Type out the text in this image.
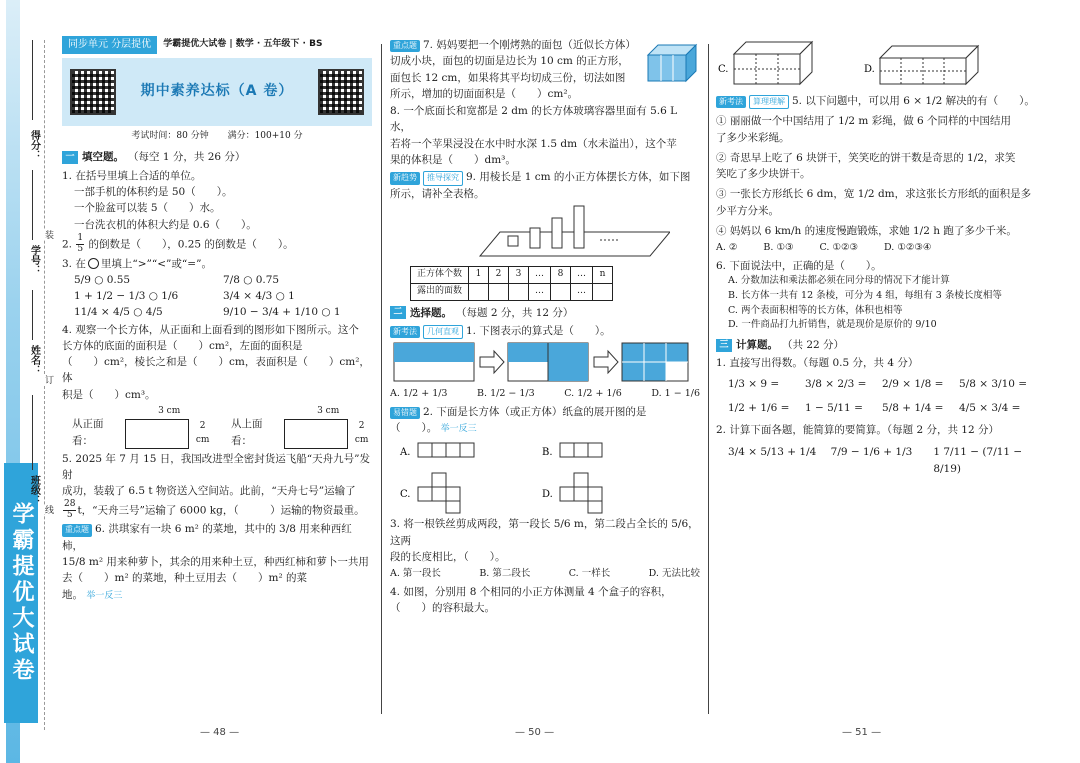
学霸提优大试卷
得分：
学号：
姓名：
班级：
装
订
线
同步单元 分层提优	学霸提优大试卷 | 数学 · 五年级下 · BS
期中素养达标（A 卷）
考试时间：80 分钟 满分：100+10 分
一 填空题。 （每空 1 分，共 26 分）
1. 在括号里填上合适的单位。
一部手机的体积约是 50（　　）。
一个脸盆可以装 5（　　）水。
一台洗衣机的体积大约是 0.6（　　）。
2. $\frac{1}{5}$ 的倒数是（　　），0.25 的倒数是（　　）。
3. 在 里填上“>”“<”或“=”。
5/9 ○ 0.55	7/8 ○ 0.75
1 + 1/2 − 1/3 ○ 1/6	3/4 × 4/3 ○ 1
11/4 × 4/5 ○ 4/5	9/10 − 3/4 + 1/10 ○ 1
4. 观察一个长方体，从正面和上面看到的图形如下图所示。这个
长方体的底面的面积是（　　）cm²，左面的面积是
（　　）cm²，棱长之和是（　　）cm，表面积是（　　）cm²，体
积是（　　）cm³。
从正面看：
3 cm
2 cm
从上面看：
3 cm
2 cm
5. 2025 年 7 月 15 日，我国改进型全密封货运飞船“天舟九号”发射
成功，装载了 6.5 t 物资送入空间站。此前，“天舟七号”运输了
$\frac{28}{5}$ t，“天舟三号”运输了 6000 kg，（　　　）运输的物资最重。
重点题 6. 洪琪家有一块 6 m² 的菜地，其中的 3/8 用来种西红柿，
15/8 m² 用来种萝卜，其余的用来种土豆，种西红柿和萝卜一共用
去（　　）m² 的菜地，种土豆用去（　　）m² 的菜
地。 举一反三
— 48 —
重点题 7. 妈妈要把一个刚烤熟的面包（近似长方体）
切成小块，面包的切面是边长为 10 cm 的正方形，
面包长 12 cm，如果将其平均切成三份，切法如图
所示，增加的切面面积是（　　）cm²。
8. 一个底面长和宽都是 2 dm 的长方体玻璃容器里面有 5.6 L 水，
若将一个苹果浸没在水中时水深 1.5 dm（水未溢出），这个苹
果的体积是（　　）dm³。
新趋势 推导探究 9. 用棱长是 1 cm 的小正方体摆长方体，如下图
所示，请补全表格。
正方体个数	1	2	3	…	8	…	n
露出的面数				…		…	
二 选择题。 （每题 2 分，共 12 分）
新考法 几何直观 1. 下图表示的算式是（　　）。
A. 1/2 + 1/3	B. 1/2 − 1/3	C. 1/2 + 1/6	D. 1 − 1/6
易错题 2. 下面是长方体（或正方体）纸盒的展开图的是
（　　）。 举一反三
A.	B.
C.	D.
3. 将一根铁丝剪成两段，第一段长 5/6 m，第二段占全长的 5/6，这两
段的长度相比，（　　）。
A. 第一段长	B. 第二段长	C. 一样长	D. 无法比较
4. 如图，分别用 8 个相同的小正方体测量 4 个盒子的容积，
（　　）的容积最大。
— 50 —
C.	D.
新考法 算理理解 5. 以下问题中，可以用 6 × 1/2 解决的有（　　）。
① 丽丽做一个中国结用了 1/2 m 彩绳，做 6 个同样的中国结用
了多少米彩绳。
② 奇思早上吃了 6 块饼干，笑笑吃的饼干数是奇思的 1/2，求笑
笑吃了多少块饼干。
③ 一张长方形纸长 6 dm，宽 1/2 dm，求这张长方形纸的面积是多
少平方分米。
④ 妈妈以 6 km/h 的速度慢跑锻炼，求她 1/2 h 跑了多少千米。
A. ②	B. ①③	C. ①②③	D. ①②③④
6. 下面说法中，正确的是（　　）。
A. 分数加法和乘法都必须在同分母的情况下才能计算
B. 长方体一共有 12 条棱，可分为 4 组，每组有 3 条棱长度相等
C. 两个表面积相等的长方体，体积也相等
D. 一件商品打九折销售，就是现价是原价的 9/10
三 计算题。 （共 22 分）
1. 直接写出得数。（每题 0.5 分，共 4 分）
1/3 × 9 =	3/8 × 2/3 =	2/9 × 1/8 =	5/8 × 3/10 =
1/2 + 1/6 =	1 − 5/11 =	5/8 + 1/4 =	4/5 × 3/4 =
2. 计算下面各题，能简算的要简算。（每题 2 分，共 12 分）
3/4 × 5/13 + 1/4	7/9 − 1/6 + 1/3	1 7/11 − (7/11 − 8/19)
— 51 —
